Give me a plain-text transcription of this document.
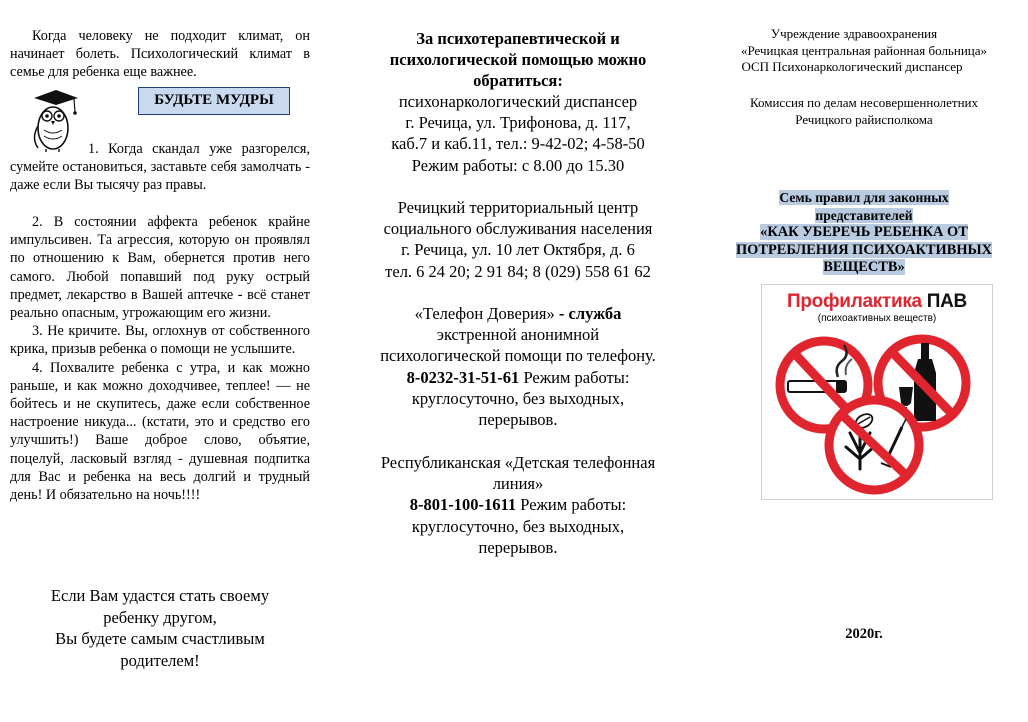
Когда человеку не подходит климат, он начинает болеть. Психологический климат в семье для ребенка еще важнее.

БУДЬТЕ МУДРЫ

1. Когда скандал уже разгорелся, сумейте остановиться, заставьте себя замолчать - даже если Вы тысячу раз правы.

2. В состоянии аффекта ребенок крайне импульсивен. Та агрессия, которую он проявлял по отношению к Вам, обернется против него самого. Любой попавший под руку острый предмет, лекарство в Вашей аптечке - всё станет реально опасным, угрожающим его жизни.

3. Не кричите. Вы, оглохнув от собственного крика, призыв ребенка о помощи не услышите.

4. Похвалите ребенка с утра, и как можно раньше, и как можно доходчивее, теплее! — не бойтесь и не скупитесь, даже если собственное настроение никуда... (кстати, это и средство его улучшить!) Ваше доброе слово, объятие, поцелуй, ласковый взгляд - душевная подпитка для Вас и ребенка на весь долгий и трудный день! И обязательно на ночь!!!!

Если Вам удастся стать своему
ребенку другом,
Вы будете самым счастливым
родителем!
За психотерапевтической и
психологической помощью можно
обратиться:
психонаркологический диспансер
г. Речица, ул. Трифонова, д. 117,
каб.7 и каб.11, тел.: 9-42-02; 4-58-50
Режим работы: с 8.00 до 15.30
Речицкий территориальный центр
социального обслуживания населения
г. Речица, ул. 10 лет Октября, д. 6
тел. 6 24 20; 2 91 84; 8 (029) 558 61 62
«Телефон Доверия» - служба
экстренной анонимной
психологической помощи по телефону.
8-0232-31-51-61 Режим работы:
круглосуточно, без выходных,
перерывов.
Республиканская «Детская телефонная
линия»
8-801-100-1611 Режим работы:
круглосуточно, без выходных,
перерывов.
Учреждение здравоохранения
«Речицкая центральная районная больница»
ОСП Психонаркологический диспансер
Комиссия по делам несовершеннолетних
Речицкого райисполкома
Семь правил для законных
представителей
«КАК УБЕРЕЧЬ РЕБЕНКА ОТ
ПОТРЕБЛЕНИЯ ПСИХОАКТИВНЫХ
ВЕЩЕСТВ»
Профилактика ПАВ
(психоактивных веществ)
2020г.
